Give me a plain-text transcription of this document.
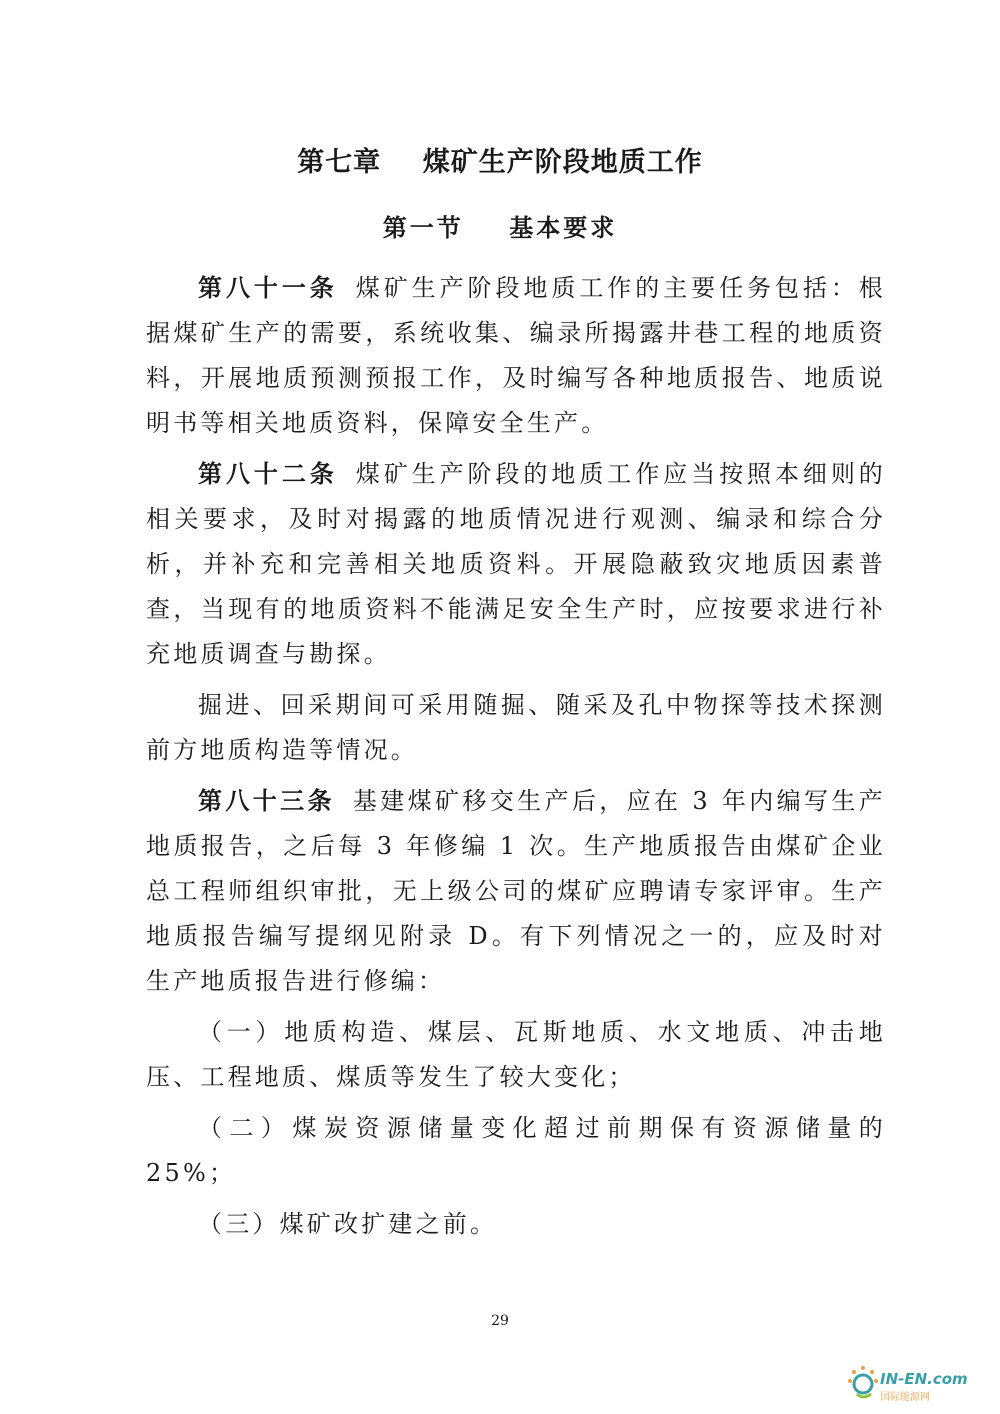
第七章    煤矿生产阶段地质工作
第一节    基本要求

第八十一条 煤矿生产阶段地质工作的主要任务包括：根据煤矿生产的需要，系统收集、编录所揭露井巷工程的地质资料，开展地质预测预报工作，及时编写各种地质报告、地质说明书等相关地质资料，保障安全生产。

第八十二条 煤矿生产阶段的地质工作应当按照本细则的相关要求，及时对揭露的地质情况进行观测、编录和综合分析，并补充和完善相关地质资料。开展隐蔽致灾地质因素普查，当现有的地质资料不能满足安全生产时，应按要求进行补充地质调查与勘探。

掘进、回采期间可采用随掘、随采及孔中物探等技术探测前方地质构造等情况。

第八十三条 基建煤矿移交生产后，应在 3 年内编写生产地质报告，之后每 3 年修编 1 次。生产地质报告由煤矿企业总工程师组织审批，无上级公司的煤矿应聘请专家评审。生产地质报告编写提纲见附录 D。有下列情况之一的，应及时对生产地质报告进行修编：

（一）地质构造、煤层、瓦斯地质、水文地质、冲击地压、工程地质、煤质等发生了较大变化；

（二）煤炭资源储量变化超过前期保有资源储量的 25%；

（三）煤矿改扩建之前。

29
IN-EN.com
国际能源网
